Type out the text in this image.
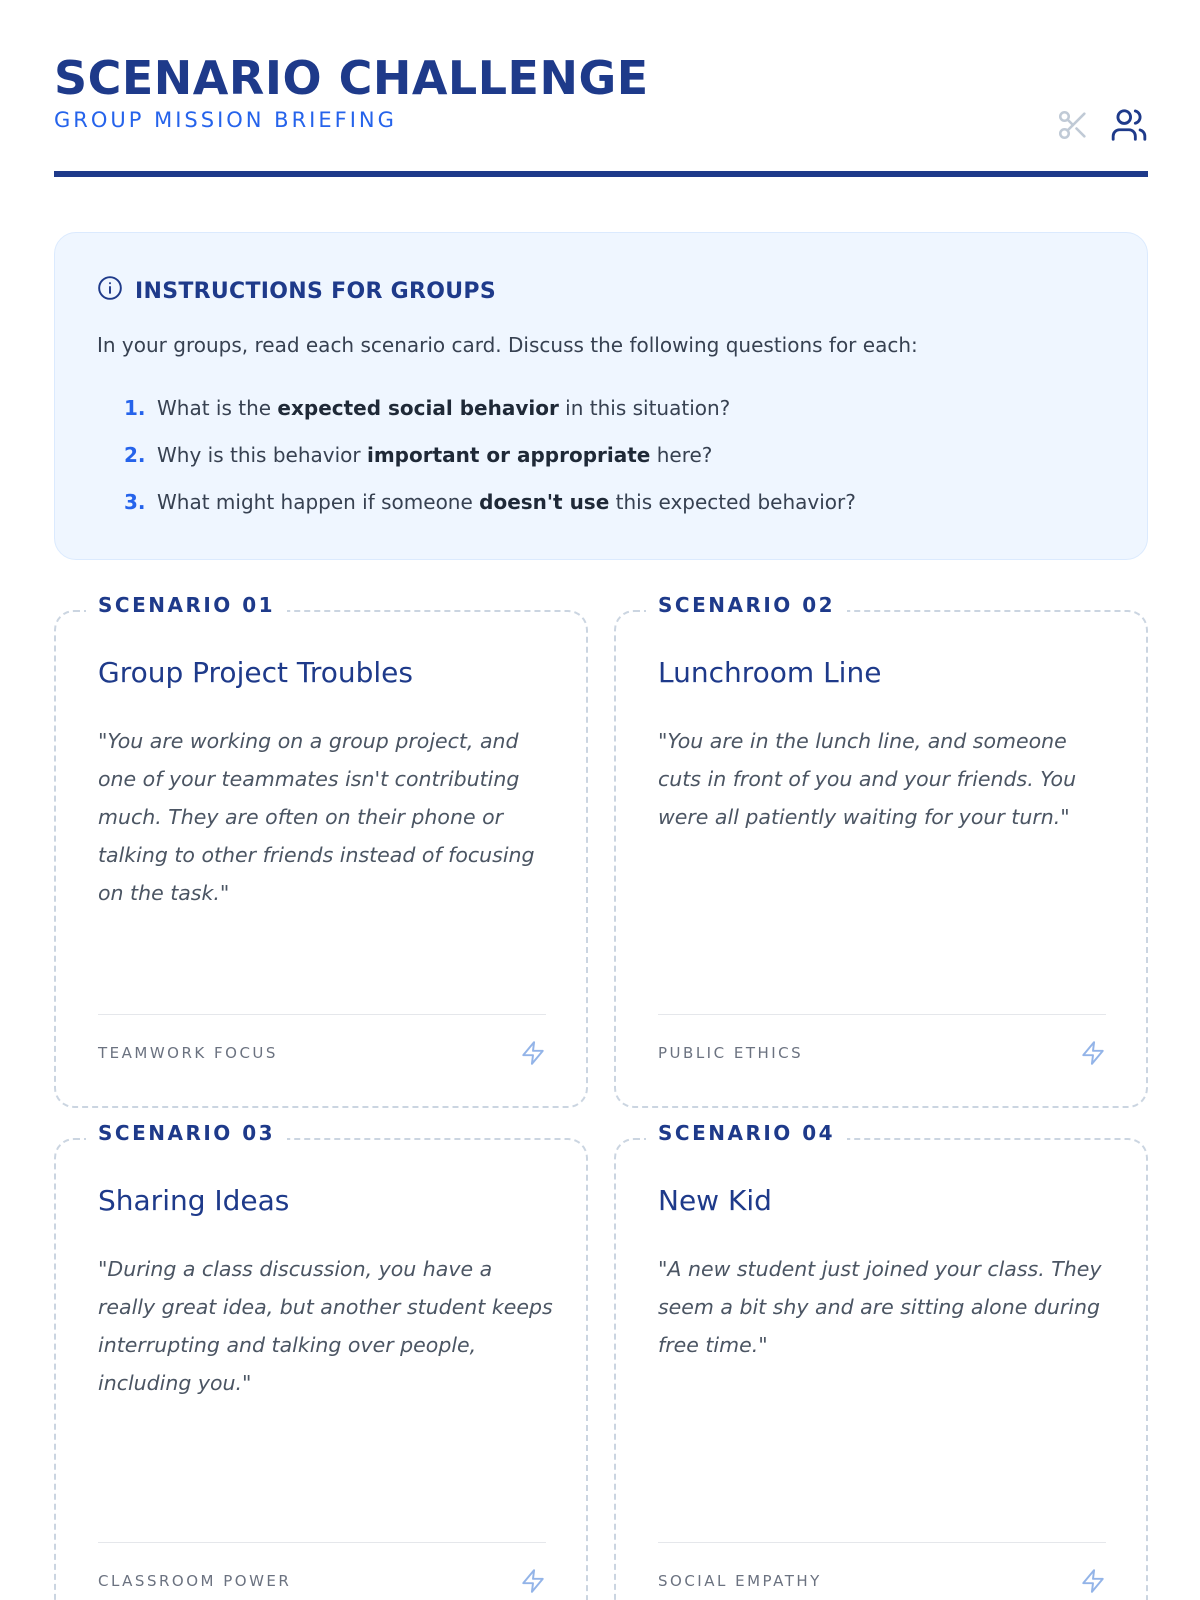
SCENARIO CHALLENGE
GROUP MISSION BRIEFING
INSTRUCTIONS FOR GROUPS
In your groups, read each scenario card. Discuss the following questions for each:
1. What is the expected social behavior in this situation?
2. Why is this behavior important or appropriate here?
3. What might happen if someone doesn't use this expected behavior?
SCENARIO 01
Group Project Troubles
"You are working on a group project, and one of your teammates isn't contributing much. They are often on their phone or talking to other friends instead of focusing on the task."
TEAMWORK FOCUS
SCENARIO 02
Lunchroom Line
"You are in the lunch line, and someone cuts in front of you and your friends. You were all patiently waiting for your turn."
PUBLIC ETHICS
SCENARIO 03
Sharing Ideas
"During a class discussion, you have a really great idea, but another student keeps interrupting and talking over people, including you."
CLASSROOM POWER
SCENARIO 04
New Kid
"A new student just joined your class. They seem a bit shy and are sitting alone during free time."
SOCIAL EMPATHY
